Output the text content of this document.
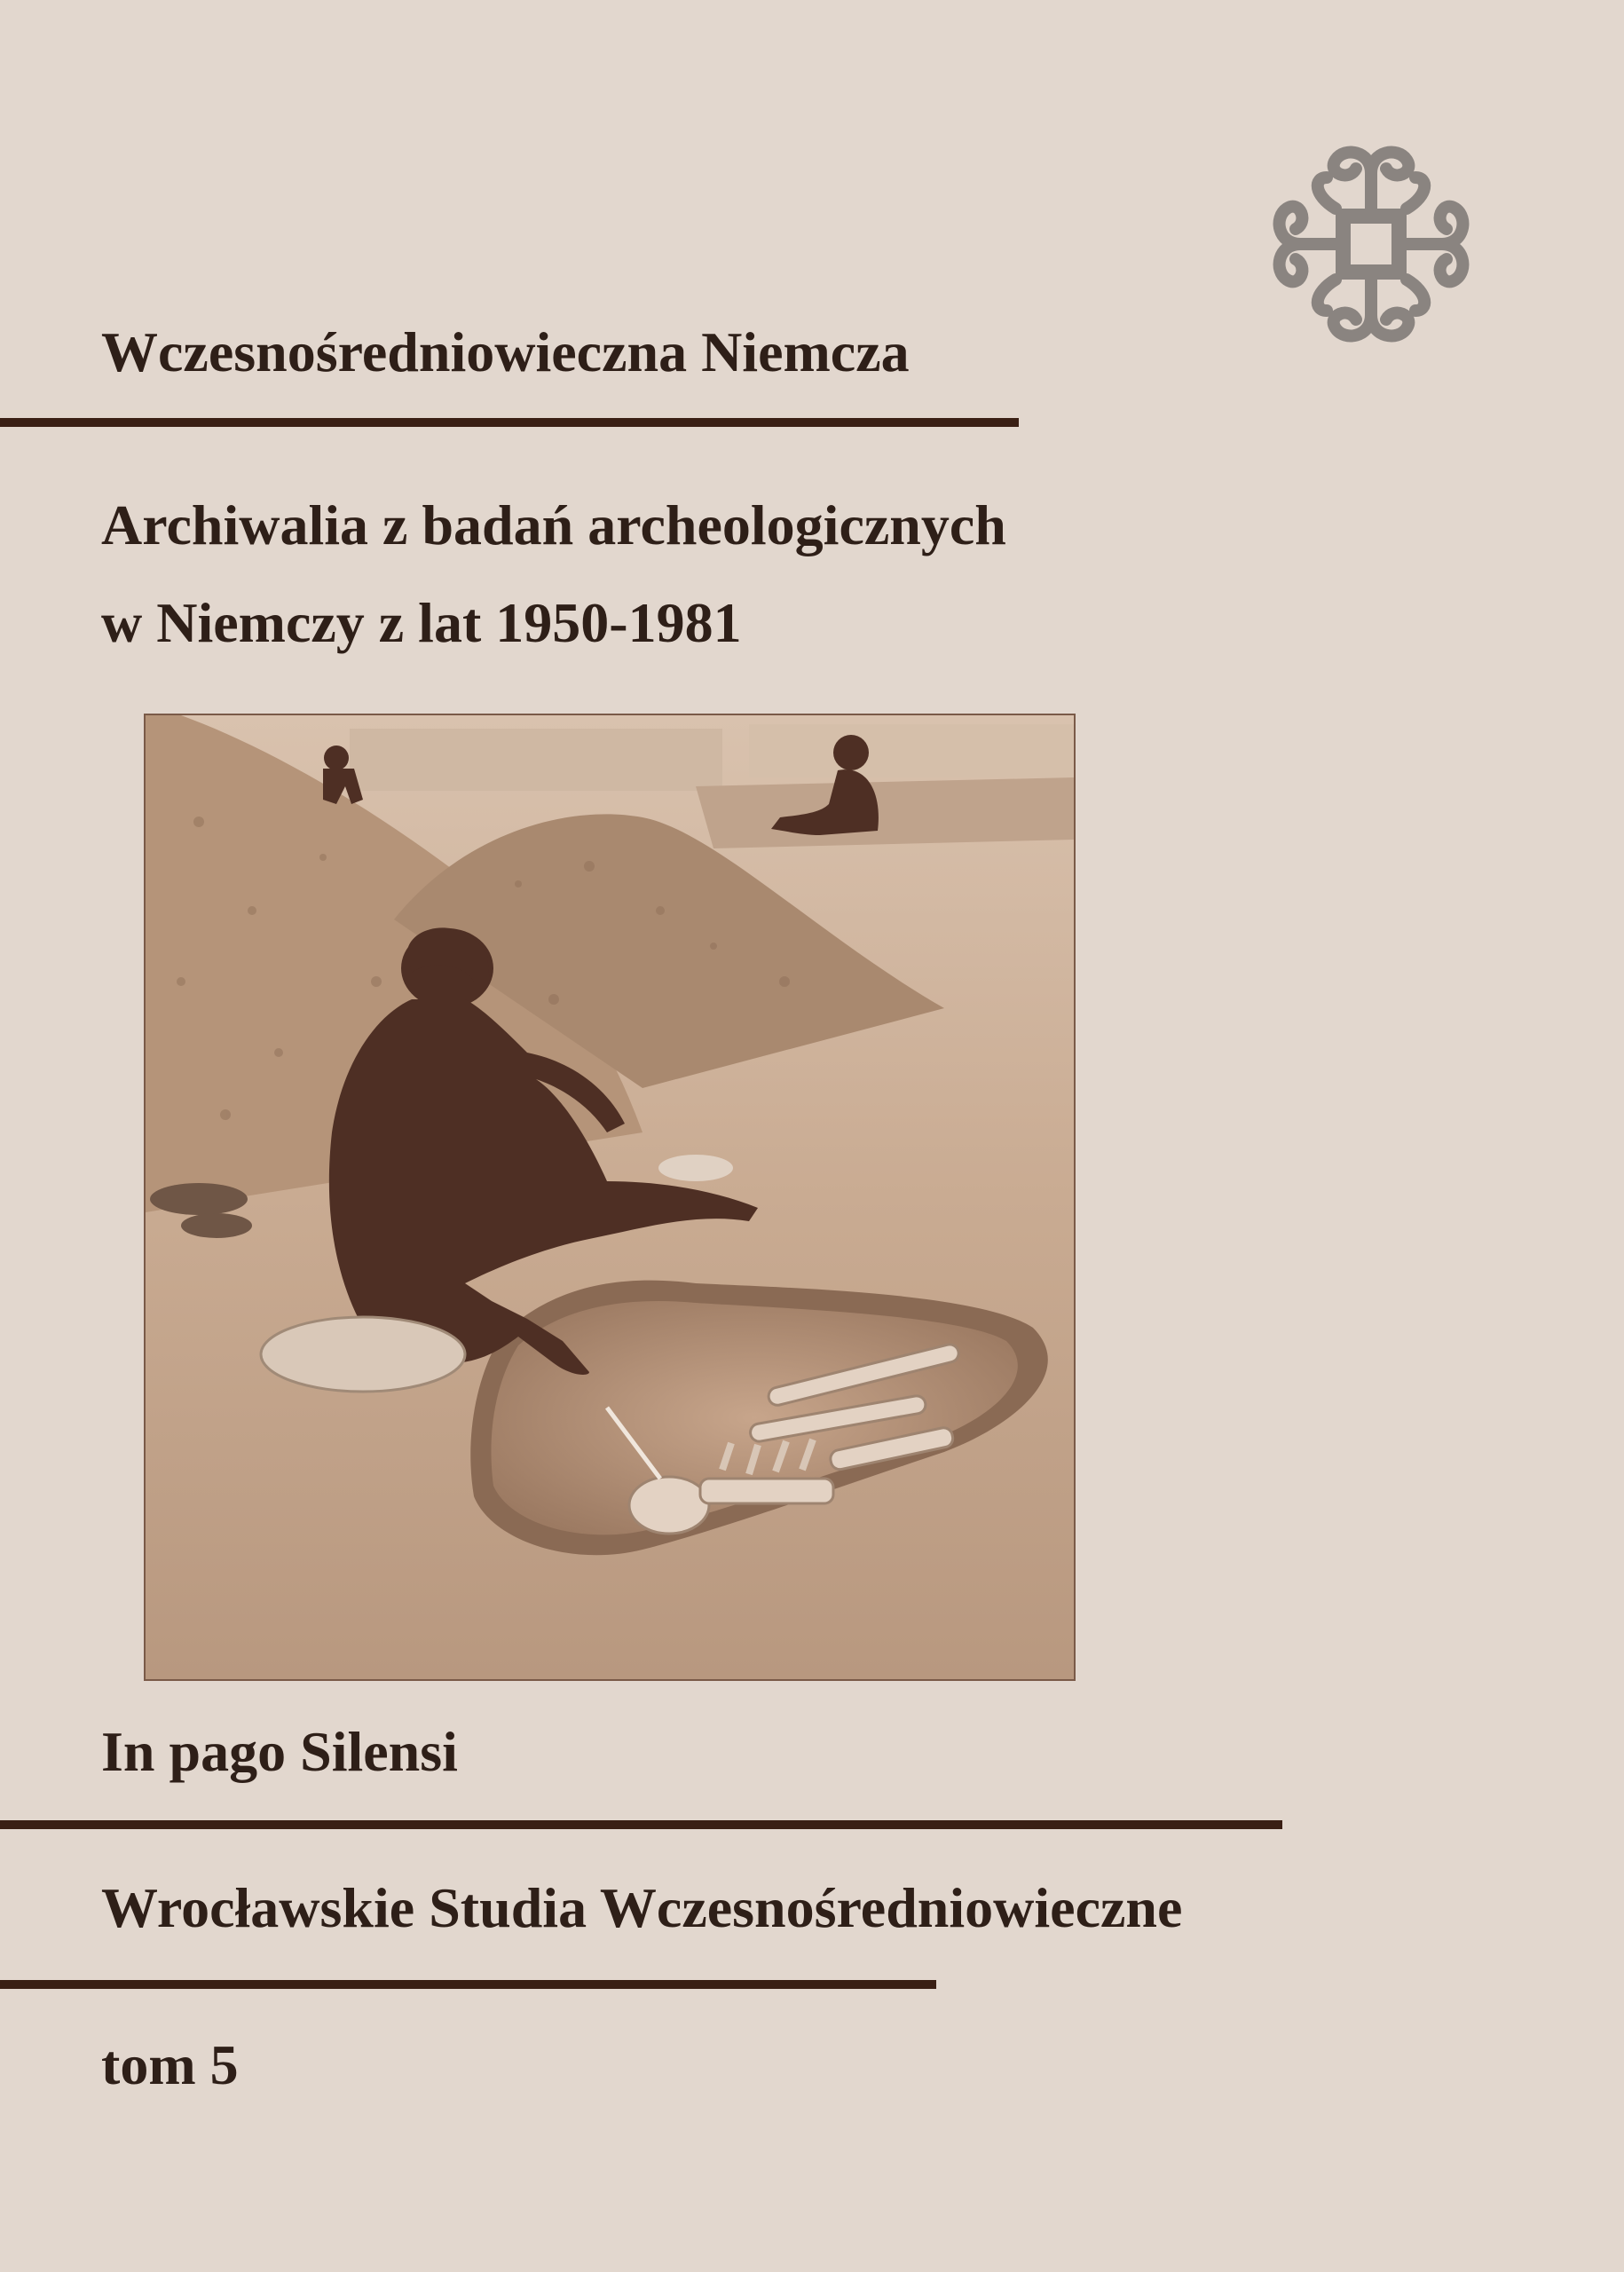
Wczesnośredniowieczna Niemcza
Archiwalia z badań archeologicznych
w Niemczy z lat 1950-1981
In pago Silensi
Wrocławskie Studia Wczesnośredniowieczne
tom 5
